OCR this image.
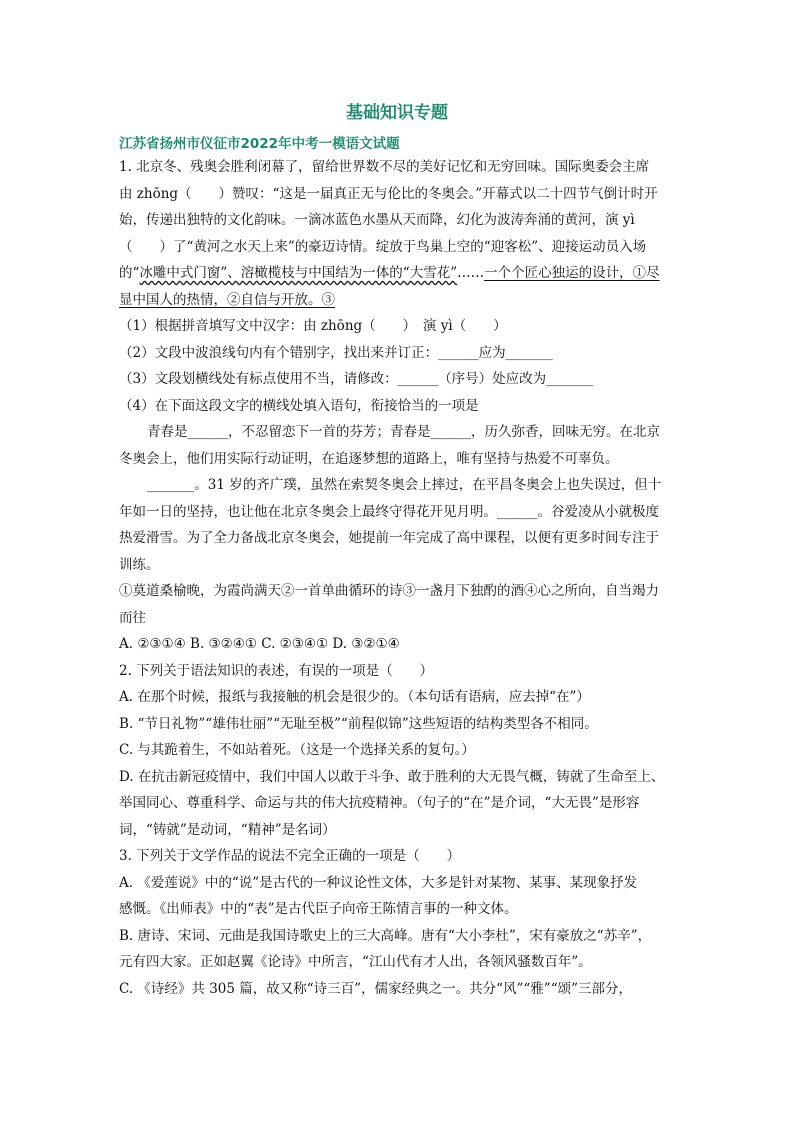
基础知识专题
江苏省扬州市仪征市2022年中考一模语文试题
1. 北京冬、残奥会胜利闭幕了，留给世界数不尽的美好记忆和无穷回味。国际奥委会主席
由 zhōng（　　）赞叹：“这是一届真正无与伦比的冬奥会。”开幕式以二十四节气倒计时开
始，传递出独特的文化韵味。一滴冰蓝色水墨从天而降，幻化为波涛奔涌的黄河，演 yì
（　　）了“黄河之水天上来”的豪迈诗情。绽放于鸟巢上空的“迎客松”、迎接运动员入场
的“冰雕中式门窗”、溶橄榄枝与中国结为一体的“大雪花”……一个个匠心独运的设计，①尽
显中国人的热情，②自信与开放。③
（1）根据拼音填写文中汉字：由 zhōng（　　）　演 yì（　　）
（2）文段中波浪线句内有个错别字，找出来并订正：______应为_______
（3）文段划横线处有标点使用不当，请修改：______（序号）处应改为_______
（4）在下面这段文字的横线处填入语句，衔接恰当的一项是
青春是______，不忍留恋下一首的芬芳；青春是______，历久弥香，回味无穷。在北京
冬奥会上，他们用实际行动证明，在追逐梦想的道路上，唯有坚持与热爱不可辜负。
_______。31 岁的齐广璞，虽然在索契冬奥会上摔过，在平昌冬奥会上也失误过，但十
年如一日的坚持，也让他在北京冬奥会上最终守得花开见月明。______。谷爱凌从小就极度
热爱滑雪。为了全力备战北京冬奥会，她提前一年完成了高中课程，以便有更多时间专注于
训练。
①莫道桑榆晚，为霞尚满天②一首单曲循环的诗③一盏月下独酌的酒④心之所向，自当竭力
而往
A. ②③①④ B. ③②④① C. ②③④① D. ③②①④
2. 下列关于语法知识的表述，有误的一项是（　　）
A. 在那个时候，报纸与我接触的机会是很少的。（本句话有语病，应去掉“在”）
B. “节日礼物”“雄伟壮丽”“无耻至极”“前程似锦”这些短语的结构类型各不相同。
C. 与其跪着生，不如站着死。（这是一个选择关系的复句。）
D. 在抗击新冠疫情中，我们中国人以敢于斗争、敢于胜利的大无畏气概，铸就了生命至上、
举国同心、尊重科学、命运与共的伟大抗疫精神。（句子的“在”是介词，“大无畏”是形容
词，“铸就”是动词，“精神”是名词）
3. 下列关于文学作品的说法不完全正确的一项是（　　）
A. 《爱莲说》中的“说”是古代的一种议论性文体，大多是针对某物、某事、某现象抒发
感慨。《出师表》中的“表”是古代臣子向帝王陈情言事的一种文体。
B. 唐诗、宋词、元曲是我国诗歌史上的三大高峰。唐有“大小李杜”，宋有豪放之“苏辛”，
元有四大家。正如赵翼《论诗》中所言，“江山代有才人出，各领风骚数百年”。
C. 《诗经》共 305 篇，故又称“诗三百”，儒家经典之一。共分“风”“雅”“颂”三部分，
